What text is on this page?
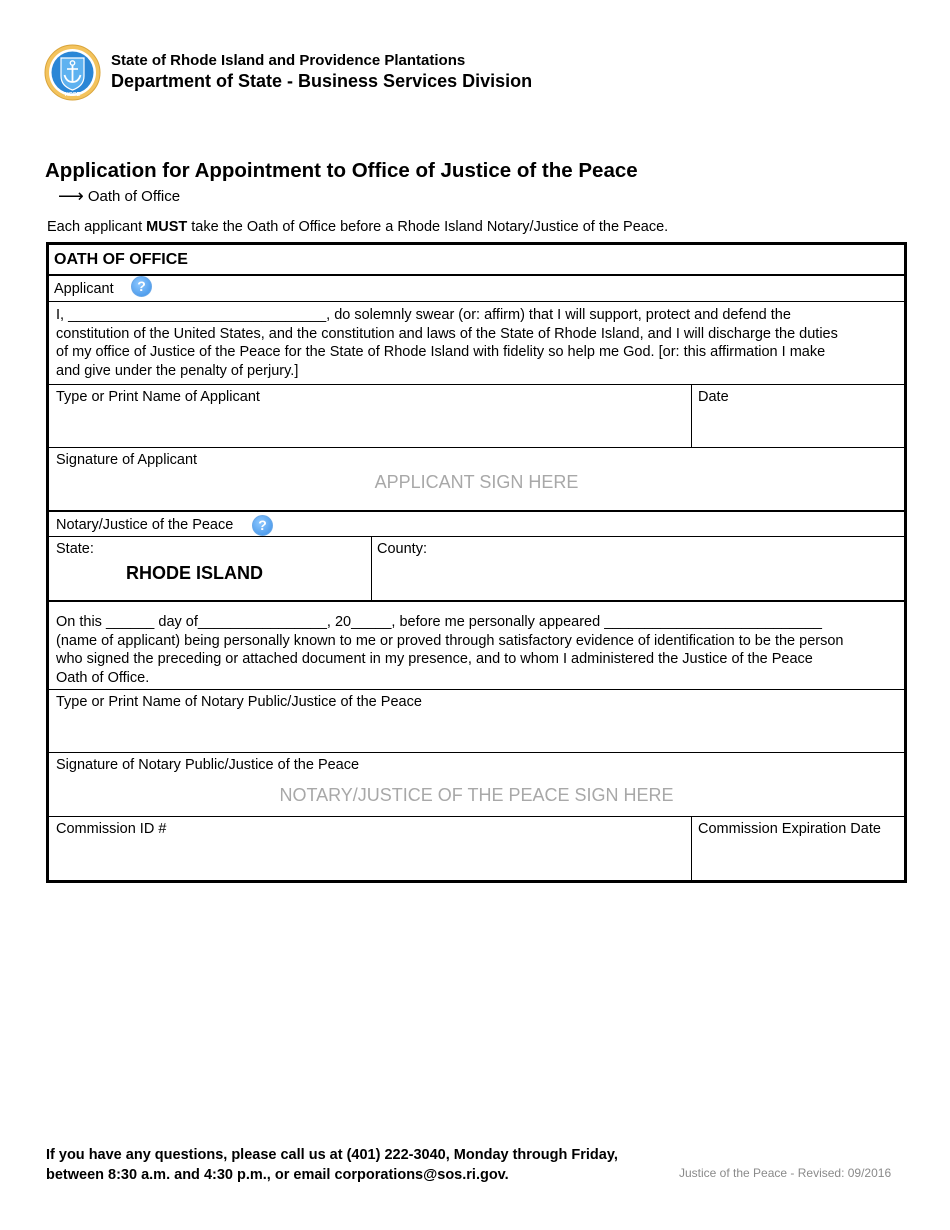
HOPE
State of Rhode Island and Providence Plantations
Department of State - Business Services Division
Application for Appointment to Office of Justice of the Peace
⟶ Oath of Office
Each applicant MUST take the Oath of Office before a Rhode Island Notary/Justice of the Peace.
OATH OF OFFICE
Applicant	?
I, ________________________________, do solemnly swear (or: affirm) that I will support, protect and defend the
constitution of the United States, and the constitution and laws of the State of Rhode Island, and I will discharge the duties
of my office of Justice of the Peace for the State of Rhode Island with fidelity so help me God. [or: this affirmation I make
and give under the penalty of perjury.]
Type or Print Name of Applicant	Date
Signature of Applicant
APPLICANT SIGN HERE
Notary/Justice of the Peace	?
State:
RHODE ISLAND
County:
On this ______ day of________________, 20_____, before me personally appeared ___________________________
(name of applicant) being personally known to me or proved through satisfactory evidence of identification to be the person
who signed the preceding or attached document in my presence, and to whom I administered the Justice of the Peace
Oath of Office.
Type or Print Name of Notary Public/Justice of the Peace
Signature of Notary Public/Justice of the Peace
NOTARY/JUSTICE OF THE PEACE SIGN HERE
Commission ID #	Commission Expiration Date
If you have any questions, please call us at (401) 222-3040, Monday through Friday,
between 8:30 a.m. and 4:30 p.m., or email corporations@sos.ri.gov.	Justice of the Peace - Revised: 09/2016
